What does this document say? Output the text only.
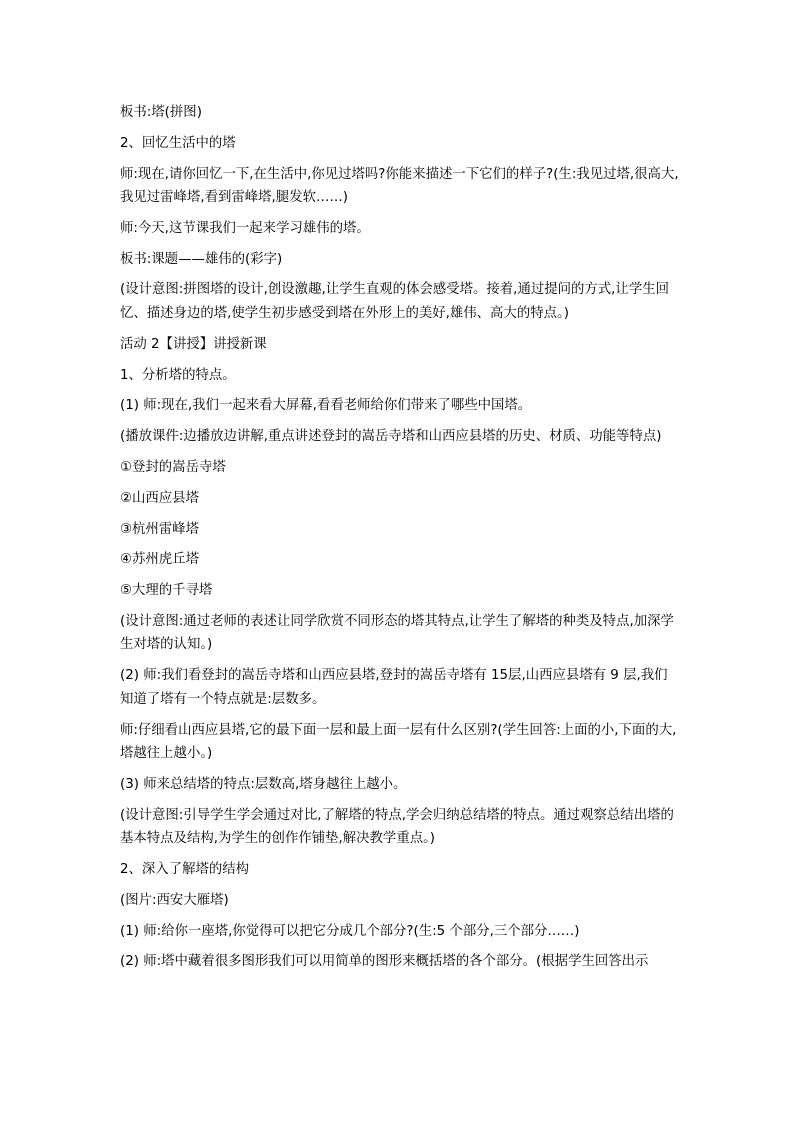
板书:塔(拼图)

2、回忆生活中的塔

师:现在,请你回忆一下,在生活中,你见过塔吗?你能来描述一下它们的样子?(生:我见过塔,很高大,我见过雷峰塔,看到雷峰塔,腿发软……)

师:今天,这节课我们一起来学习雄伟的塔。

板书:课题——雄伟的(彩字)

(设计意图:拼图塔的设计,创设激趣,让学生直观的体会感受塔。接着,通过提问的方式,让学生回忆、描述身边的塔,使学生初步感受到塔在外形上的美好,雄伟、高大的特点。)

活动 2【讲授】讲授新课

1、分析塔的特点。

(1) 师:现在,我们一起来看大屏幕,看看老师给你们带来了哪些中国塔。

(播放课件:边播放边讲解,重点讲述登封的嵩岳寺塔和山西应县塔的历史、材质、功能等特点)

①登封的嵩岳寺塔

②山西应县塔

③杭州雷峰塔

④苏州虎丘塔

⑤大理的千寻塔

(设计意图:通过老师的表述让同学欣赏不同形态的塔其特点,让学生了解塔的种类及特点,加深学生对塔的认知。)

(2) 师:我们看登封的嵩岳寺塔和山西应县塔,登封的嵩岳寺塔有 15层,山西应县塔有 9 层,我们知道了塔有一个特点就是:层数多。

师:仔细看山西应县塔,它的最下面一层和最上面一层有什么区别?(学生回答:上面的小,下面的大,塔越往上越小。)

(3) 师来总结塔的特点:层数高,塔身越往上越小。

(设计意图:引导学生学会通过对比,了解塔的特点,学会归纳总结塔的特点。通过观察总结出塔的基本特点及结构,为学生的创作作铺垫,解决教学重点。)

2、深入了解塔的结构

(图片:西安大雁塔)

(1) 师:给你一座塔,你觉得可以把它分成几个部分?(生:5 个部分,三个部分……)

(2) 师:塔中藏着很多图形我们可以用简单的图形来概括塔的各个部分。(根据学生回答出示
